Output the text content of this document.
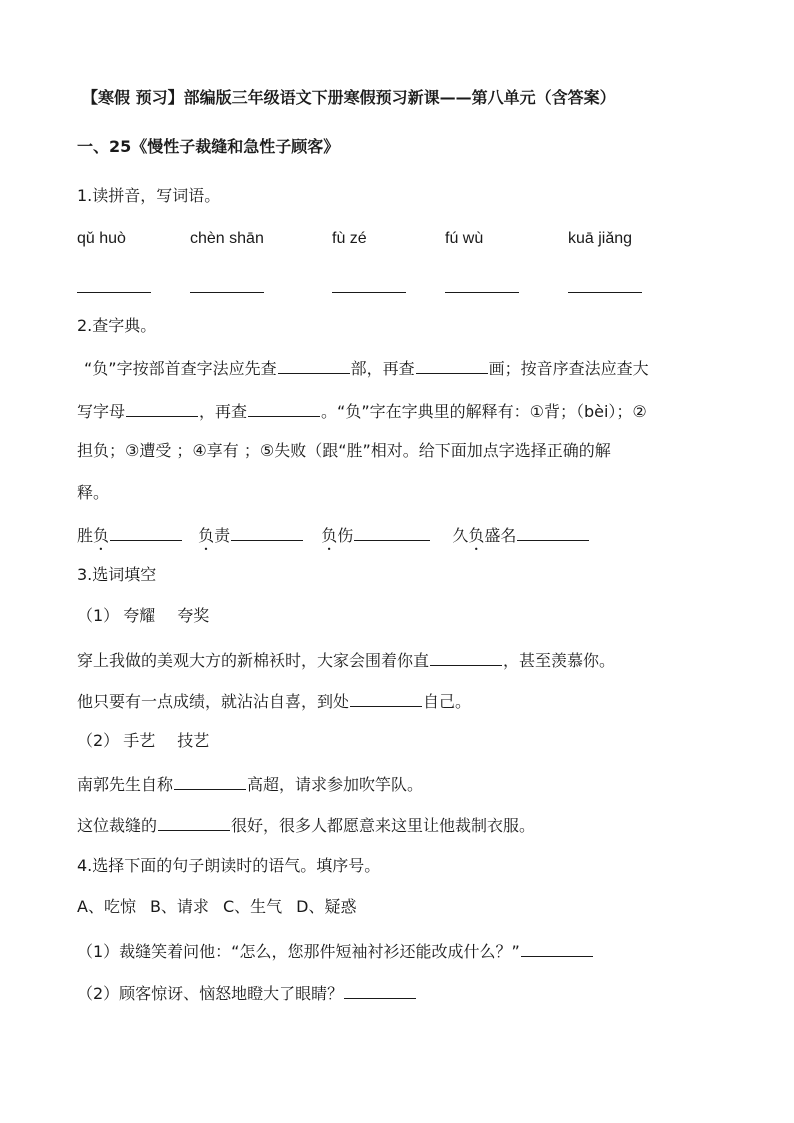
【寒假 预习】部编版三年级语文下册寒假预习新课——第八单元（含答案）
一、25《慢性子裁缝和急性子顾客》
1.读拼音，写词语。
qǔ huò	chèn shān	fù zé	fú wù	kuā jiǎng
2.查字典。
“负”字按部首查字法应先查	部，再查	画；按音序查法应查大
写字母	，再查	。“负”字在字典里的解释有：①背；（bèi）；②
担负；③遭受 ；④享有 ；⑤失败（跟“胜”相对。给下面加点字选择正确的解
释。
胜负	负责	负伤	久负盛名
3.选词填空
（1） 夸耀 夸奖
穿上我做的美观大方的新棉袄时，大家会围着你直	，甚至羡慕你。
他只要有一点成绩，就沾沾自喜，到处	自己。
（2） 手艺 技艺
南郭先生自称	高超，请求参加吹竽队。
这位裁缝的	很好，很多人都愿意来这里让他裁制衣服。
4.选择下面的句子朗读时的语气。填序号。
A、吃惊 B、请求 C、生气 D、疑惑
（1）裁缝笑着问他：“怎么，您那件短袖衬衫还能改成什么？”
（2）顾客惊讶、恼怒地瞪大了眼睛？
